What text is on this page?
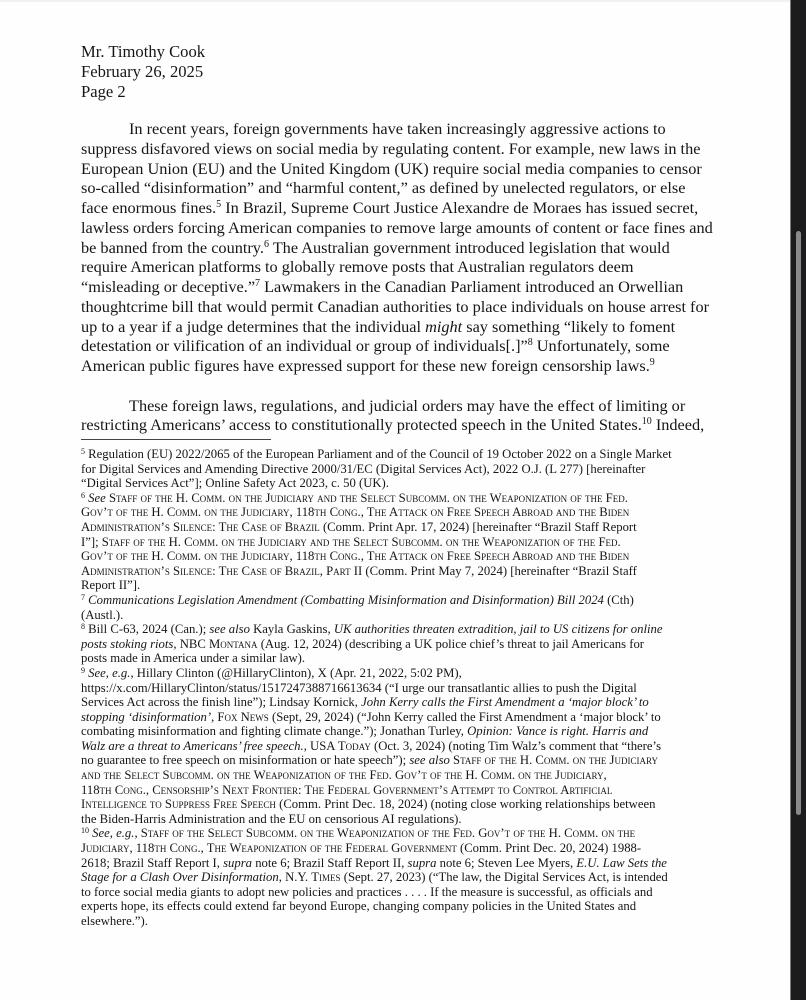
Mr. Timothy Cook
February 26, 2025
Page 2

In recent years, foreign governments have taken increasingly aggressive actions to
suppress disfavored views on social media by regulating content. For example, new laws in the
European Union (EU) and the United Kingdom (UK) require social media companies to censor
so-called “disinformation” and “harmful content,” as defined by unelected regulators, or else
face enormous fines.$^5$ In Brazil, Supreme Court Justice Alexandre de Moraes has issued secret,
lawless orders forcing American companies to remove large amounts of content or face fines and
be banned from the country.$^6$ The Australian government introduced legislation that would
require American platforms to globally remove posts that Australian regulators deem
“misleading or deceptive.”$^7$ Lawmakers in the Canadian Parliament introduced an Orwellian
thoughtcrime bill that would permit Canadian authorities to place individuals on house arrest for
up to a year if a judge determines that the individual might say something “likely to foment
detestation or vilification of an individual or group of individuals[.]”$^8$ Unfortunately, some
American public figures have expressed support for these new foreign censorship laws.$^9$

These foreign laws, regulations, and judicial orders may have the effect of limiting or
restricting Americans’ access to constitutionally protected speech in the United States.$^{10}$ Indeed,

$^5$ Regulation (EU) 2022/2065 of the European Parliament and of the Council of 19 October 2022 on a Single Market
for Digital Services and Amending Directive 2000/31/EC (Digital Services Act), 2022 O.J. (L 277) [hereinafter
“Digital Services Act”]; Online Safety Act 2023, c. 50 (UK).
$^6$ See Staff of the H. Comm. on the Judiciary and the Select Subcomm. on the Weaponization of the Fed.
Gov’t of the H. Comm. on the Judiciary, 118th Cong., The Attack on Free Speech Abroad and the Biden
Administration’s Silence: The Case of Brazil (Comm. Print Apr. 17, 2024) [hereinafter “Brazil Staff Report
I”]; Staff of the H. Comm. on the Judiciary and the Select Subcomm. on the Weaponization of the Fed.
Gov’t of the H. Comm. on the Judiciary, 118th Cong., The Attack on Free Speech Abroad and the Biden
Administration’s Silence: The Case of Brazil, Part II (Comm. Print May 7, 2024) [hereinafter “Brazil Staff
Report II”].
$^7$ Communications Legislation Amendment (Combatting Misinformation and Disinformation) Bill 2024 (Cth)
(Austl.).
$^8$ Bill C-63, 2024 (Can.); see also Kayla Gaskins, UK authorities threaten extradition, jail to US citizens for online
posts stoking riots, NBC Montana (Aug. 12, 2024) (describing a UK police chief’s threat to jail Americans for
posts made in America under a similar law).
$^9$ See, e.g., Hillary Clinton (@HillaryClinton), X (Apr. 21, 2022, 5:02 PM),
https://x.com/HillaryClinton/status/1517247388716613634 (“I urge our transatlantic allies to push the Digital
Services Act across the finish line”); Lindsay Kornick, John Kerry calls the First Amendment a ‘major block’ to
stopping ‘disinformation’, Fox News (Sept, 29, 2024) (“John Kerry called the First Amendment a ‘major block’ to
combating misinformation and fighting climate change.”); Jonathan Turley, Opinion: Vance is right. Harris and
Walz are a threat to Americans’ free speech., USA Today (Oct. 3, 2024) (noting Tim Walz’s comment that “there’s
no guarantee to free speech on misinformation or hate speech”); see also Staff of the H. Comm. on the Judiciary
and the Select Subcomm. on the Weaponization of the Fed. Gov’t of the H. Comm. on the Judiciary,
118th Cong., Censorship’s Next Frontier: The Federal Government’s Attempt to Control Artificial
Intelligence to Suppress Free Speech (Comm. Print Dec. 18, 2024) (noting close working relationships between
the Biden-Harris Administration and the EU on censorious AI regulations).
$^{10}$ See, e.g., Staff of the Select Subcomm. on the Weaponization of the Fed. Gov’t of the H. Comm. on the
Judiciary, 118th Cong., The Weaponization of the Federal Government (Comm. Print Dec. 20, 2024) 1988-
2618; Brazil Staff Report I, supra note 6; Brazil Staff Report II, supra note 6; Steven Lee Myers, E.U. Law Sets the
Stage for a Clash Over Disinformation, N.Y. Times (Sept. 27, 2023) (“The law, the Digital Services Act, is intended
to force social media giants to adopt new policies and practices . . . . If the measure is successful, as officials and
experts hope, its effects could extend far beyond Europe, changing company policies in the United States and
elsewhere.”).
